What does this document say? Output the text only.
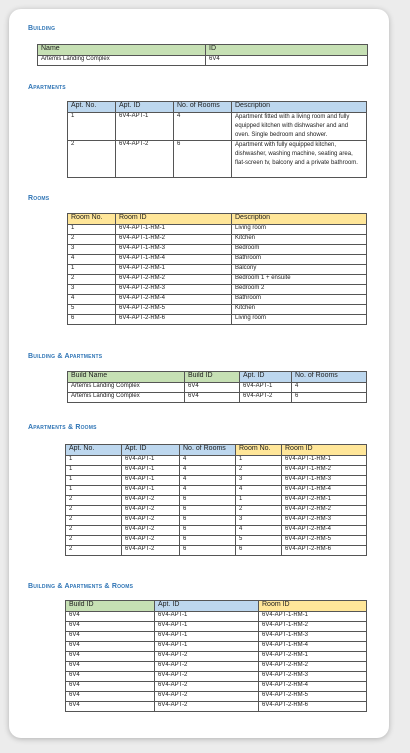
Building
Name	ID
Artemis Landing Complex	6V4
Apartments
Apt. No.	Apt. ID	No. of Rooms	Description
1	6V4-APT-1	4	Apartment fitted with a living room and fully equipped kitchen with dishwasher and and oven. Single bedroom and shower.
2	6V4-APT-2	6	Apartment with fully equipped kitchen, dishwasher, washing machine, seating area, flat-screen tv, balcony and a private bathroom.
Rooms
Room No.	Room ID	Description
1	6V4-APT-1-RM-1	Living room
2	6V4-APT-1-RM-2	Kitchen
3	6V4-APT-1-RM-3	Bedroom
4	6V4-APT-1-RM-4	Bathroom
1	6V4-APT-2-RM-1	Balcony
2	6V4-APT-2-RM-2	Bedroom 1 + ensuite
3	6V4-APT-2-RM-3	Bedroom 2
4	6V4-APT-2-RM-4	Bathroom
5	6V4-APT-2-RM-5	Kitchen
6	6V4-APT-2-RM-6	Living room
Building & Apartments
Build Name	Build ID	Apt. ID	No. of Rooms
Artemis Landing Complex	6V4	6V4-APT-1	4
Artemis Landing Complex	6V4	6V4-APT-2	6
Apartments & Rooms
Apt. No.	Apt. ID	No. of Rooms	Room No.	Room ID
1	6V4-APT-1	4	1	6V4-APT-1-RM-1
1	6V4-APT-1	4	2	6V4-APT-1-RM-2
1	6V4-APT-1	4	3	6V4-APT-1-RM-3
1	6V4-APT-1	4	4	6V4-APT-1-RM-4
2	6V4-APT-2	6	1	6V4-APT-2-RM-1
2	6V4-APT-2	6	2	6V4-APT-2-RM-2
2	6V4-APT-2	6	3	6V4-APT-2-RM-3
2	6V4-APT-2	6	4	6V4-APT-2-RM-4
2	6V4-APT-2	6	5	6V4-APT-2-RM-5
2	6V4-APT-2	6	6	6V4-APT-2-RM-6
Building & Apartments & Rooms
Build ID	Apt. ID	Room ID
6V4	6V4-APT-1	6V4-APT-1-RM-1
6V4	6V4-APT-1	6V4-APT-1-RM-2
6V4	6V4-APT-1	6V4-APT-1-RM-3
6V4	6V4-APT-1	6V4-APT-1-RM-4
6V4	6V4-APT-2	6V4-APT-2-RM-1
6V4	6V4-APT-2	6V4-APT-2-RM-2
6V4	6V4-APT-2	6V4-APT-2-RM-3
6V4	6V4-APT-2	6V4-APT-2-RM-4
6V4	6V4-APT-2	6V4-APT-2-RM-5
6V4	6V4-APT-2	6V4-APT-2-RM-6
